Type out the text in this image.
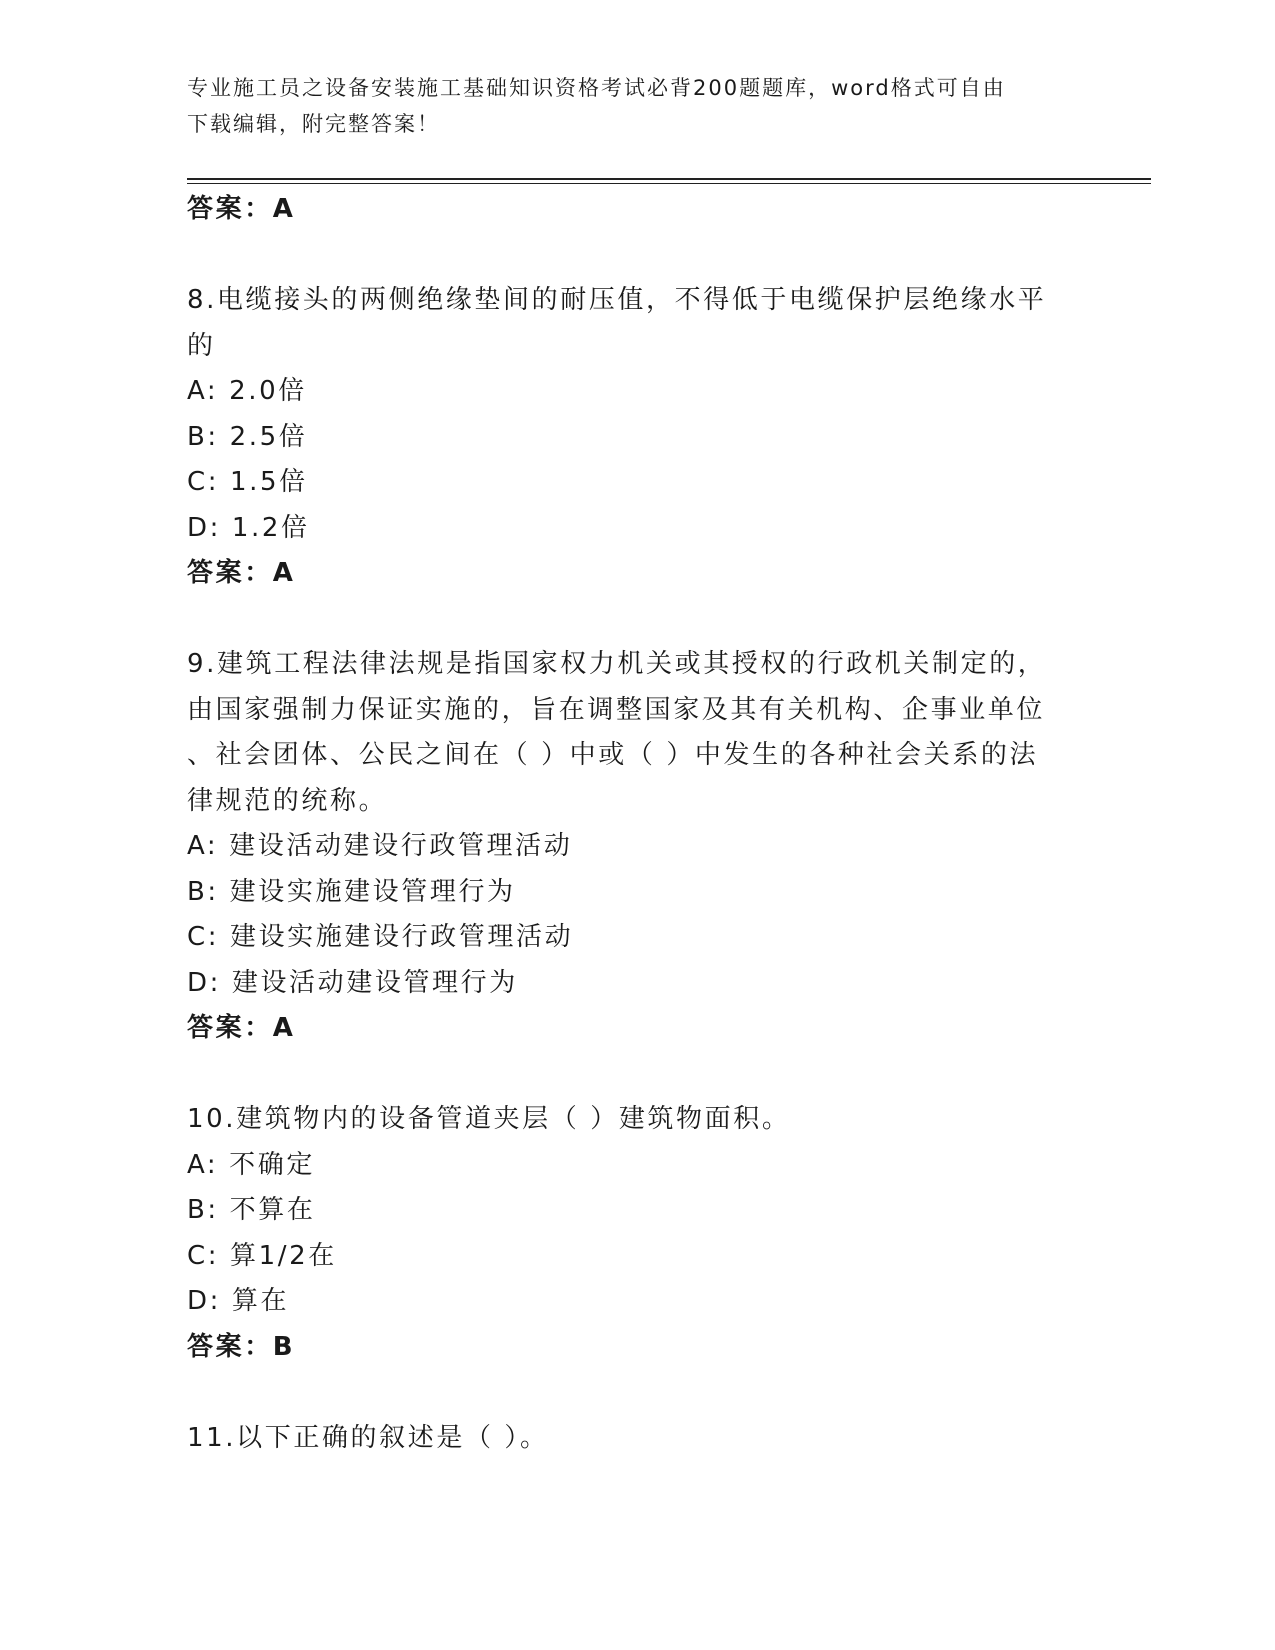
专业施工员之设备安装施工基础知识资格考试必背200题题库，word格式可自由
下载编辑，附完整答案！
答案：A
8.电缆接头的两侧绝缘垫间的耐压值，不得低于电缆保护层绝缘水平
的
A: 2.0倍
B: 2.5倍
C: 1.5倍
D: 1.2倍
答案：A
9.建筑工程法律法规是指国家权力机关或其授权的行政机关制定的，
由国家强制力保证实施的，旨在调整国家及其有关机构、企事业单位
、社会团体、公民之间在（ ）中或（ ）中发生的各种社会关系的法
律规范的统称。
A: 建设活动建设行政管理活动
B: 建设实施建设管理行为
C: 建设实施建设行政管理活动
D: 建设活动建设管理行为
答案：A
10.建筑物内的设备管道夹层（ ）建筑物面积。
A: 不确定
B: 不算在
C: 算1/2在
D: 算在
答案：B
11.以下正确的叙述是（ ）。
